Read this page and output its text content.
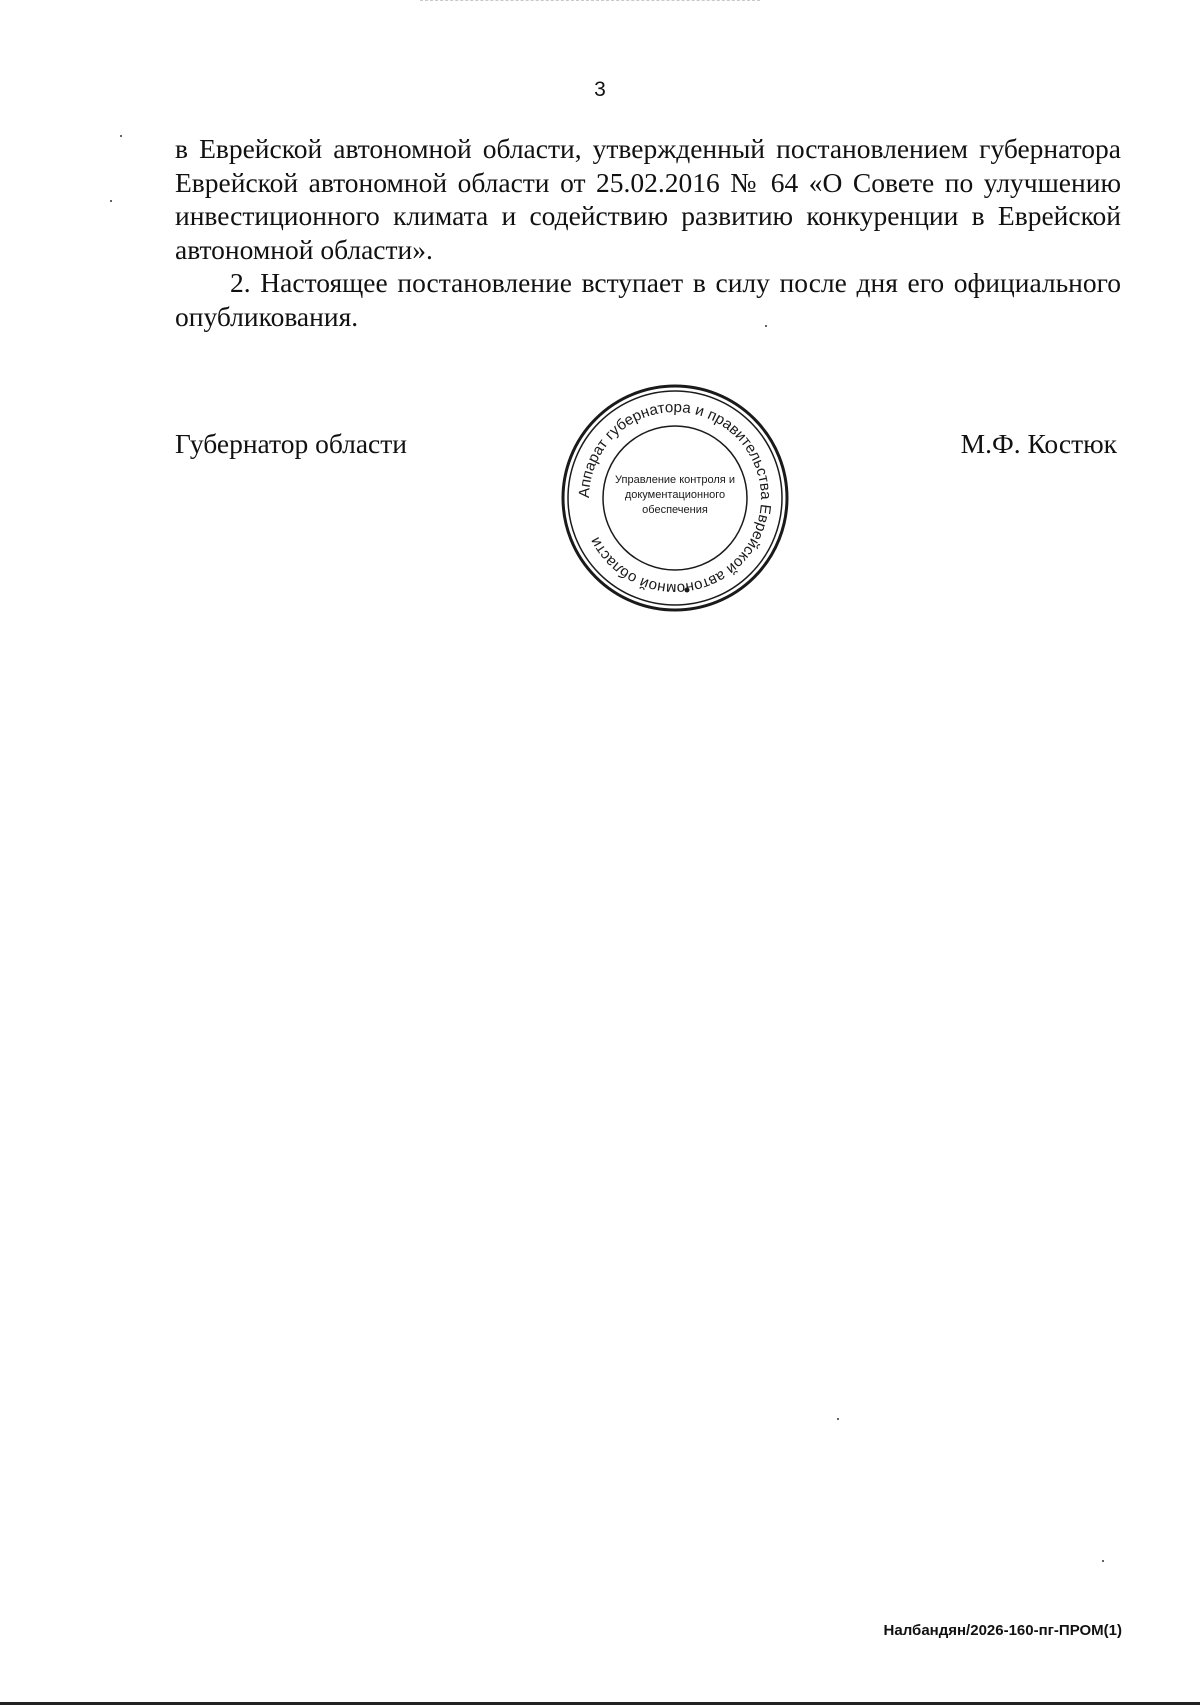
3

в Еврейской автономной области, утвержденный постановлением губернатора Еврейской автономной области от 25.02.2016 № 64 «О Совете по улучшению инвестиционного климата и содействию развитию конкуренции в Еврейской автономной области».

2. Настоящее постановление вступает в силу после дня его официального опубликования.

Губернатор области	М.Ф. Костюк
Аппарат губернатора и правительства Еврейской автономной области
Управление контроля и
документационного
обеспечения
Налбандян/2026-160-пг-ПРОМ(1)
